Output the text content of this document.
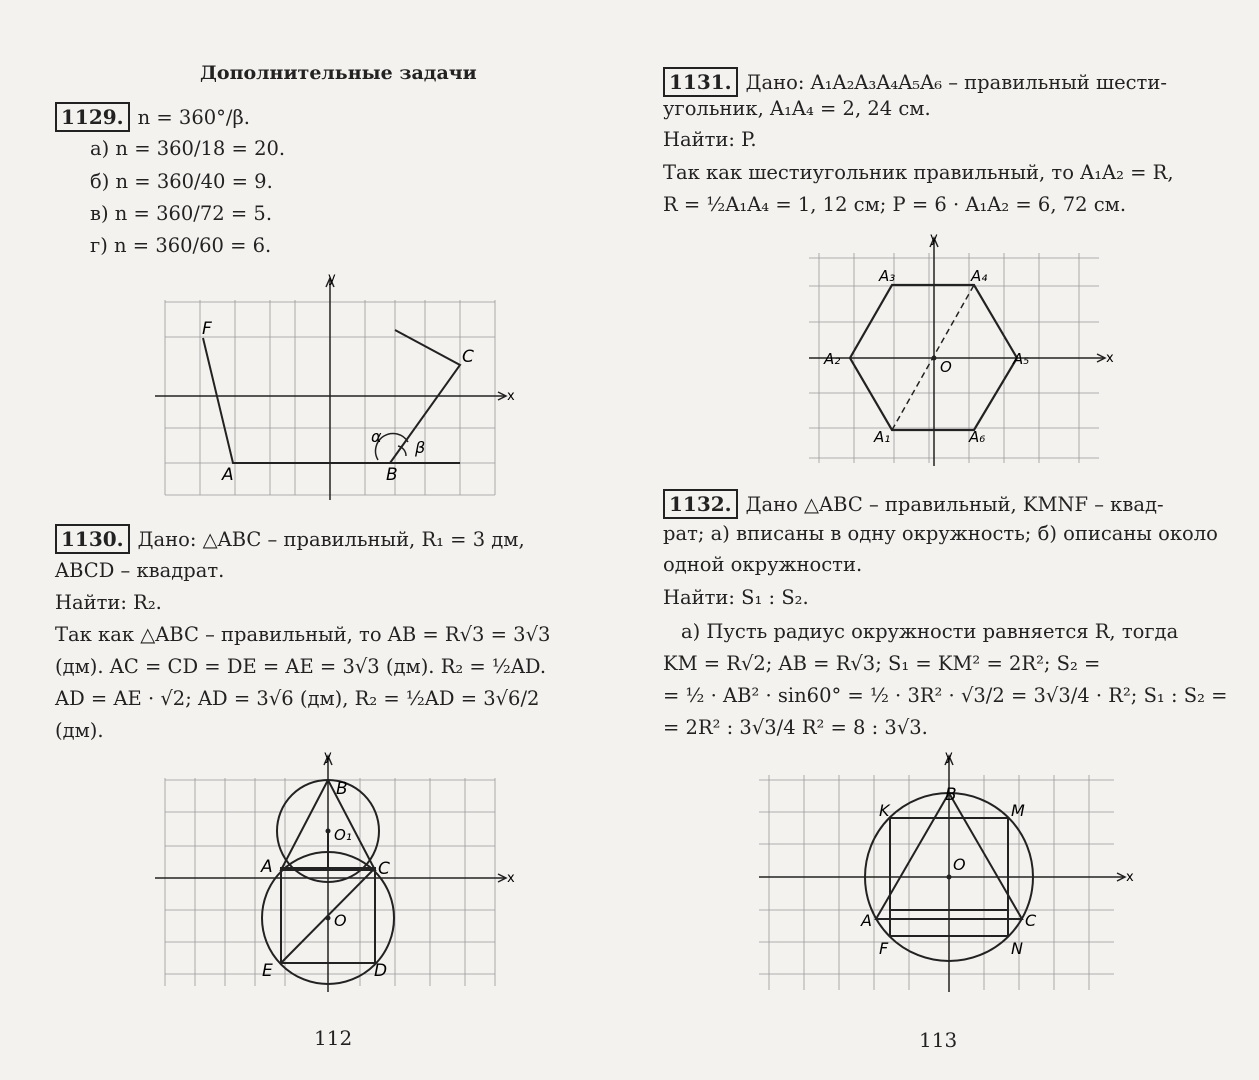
Дополнительные задачи
1129. n = 360°/β.
а) n = 360/18 = 20.
б) n = 360/40 = 9.
в) n = 360/72 = 5.
г) n = 360/60 = 6.
y
x
F
C
A	B
α
β
1130. Дано: △ABC – правильный, R₁ = 3 дм,
ABCD – квадрат.
Найти: R₂.
Так как △ABC – правильный, то AB = R√3 = 3√3
(дм). AC = CD = DE = AE = 3√3 (дм). R₂ = ½AD.
AD = AE · √2; AD = 3√6 (дм), R₂ = ½AD = 3√6/2
(дм).
y
x
B
O₁
A	C
O
E	D
112
1131. Дано: A₁A₂A₃A₄A₅A₆ – правильный шести-
угольник, A₁A₄ = 2, 24 см.
Найти: P.
Так как шестиугольник правильный, то A₁A₂ = R,
R = ½A₁A₄ = 1, 12 см; P = 6 · A₁A₂ = 6, 72 см.
y
x
A₃	A₄
A₂	A₅
O
A₁	A₆
1132. Дано △ABC – правильный, KMNF – квад-
рат; а) вписаны в одну окружность; б) описаны около
одной окружности.
Найти: S₁ : S₂.
а) Пусть радиус окружности равняется R, тогда
KM = R√2; AB = R√3; S₁ = KM² = 2R²; S₂ =
= ½ · AB² · sin60° = ½ · 3R² · √3/2 = 3√3/4 · R²; S₁ : S₂ =
= 2R² : 3√3/4 R² = 8 : 3√3.
y
x
B
K	M
O
A	C
F	N
113
